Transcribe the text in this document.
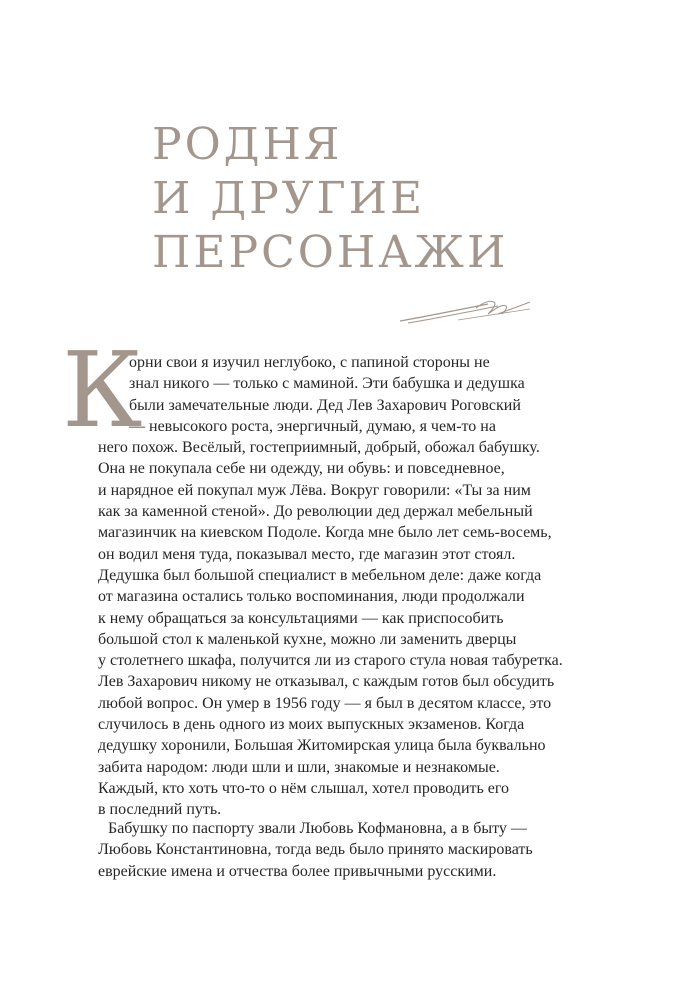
РОДНЯ
И ДРУГИЕ
ПЕРСОНАЖИ
К
орни свои я изучил неглубоко, с папиной стороны не
знал никого — только с маминой. Эти бабушка и дедушка
были замечательные люди. Дед Лев Захарович Роговский
— невысокого роста, энергичный, думаю, я чем-то на
него похож. Весёлый, гостеприимный, добрый, обожал бабушку.
Она не покупала себе ни одежду, ни обувь: и повседневное,
и нарядное ей покупал муж Лёва. Вокруг говорили: «Ты за ним
как за каменной стеной». До революции дед держал мебельный
магазинчик на киевском Подоле. Когда мне было лет семь-восемь,
он водил меня туда, показывал место, где магазин этот стоял.
Дедушка был большой специалист в мебельном деле: даже когда
от магазина остались только воспоминания, люди продолжали
к нему обращаться за консультациями — как приспособить
большой стол к маленькой кухне, можно ли заменить дверцы
у столетнего шкафа, получится ли из старого стула новая табуретка.
Лев Захарович никому не отказывал, с каждым готов был обсудить
любой вопрос. Он умер в 1956 году — я был в десятом классе, это
случилось в день одного из моих выпускных экзаменов. Когда
дедушку хоронили, Большая Житомирская улица была буквально
забита народом: люди шли и шли, знакомые и незнакомые.
Каждый, кто хоть что-то о нём слышал, хотел проводить его
в последний путь.
Бабушку по паспорту звали Любовь Кофмановна, а в быту —
Любовь Константиновна, тогда ведь было принято маскировать
еврейские имена и отчества более привычными русскими.
